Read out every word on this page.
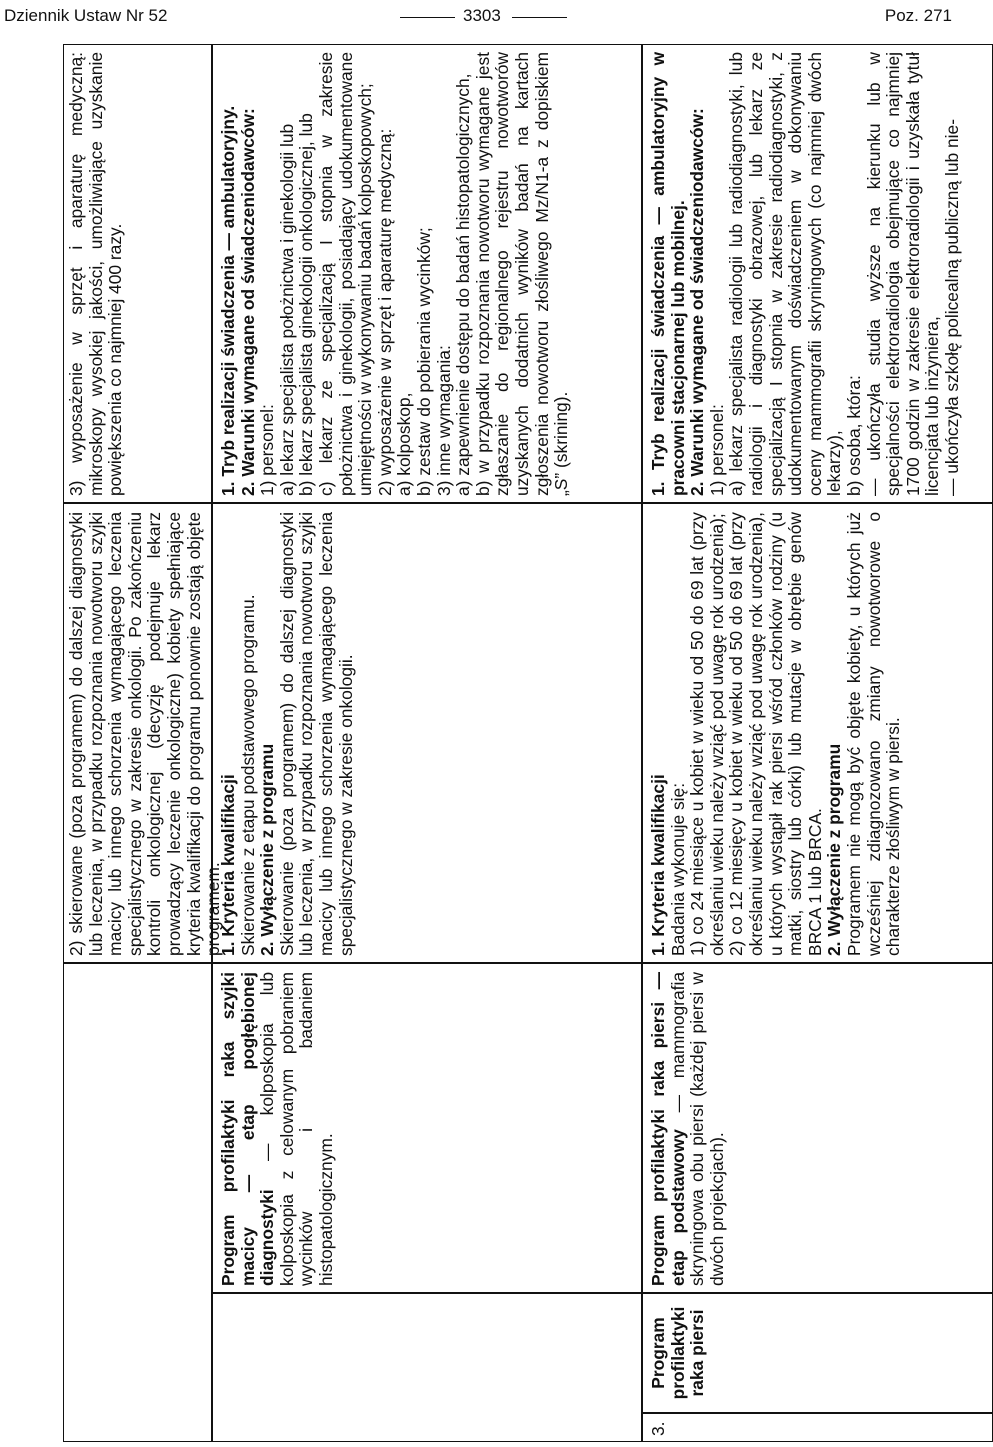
Dziennik Ustaw Nr 52	3303	Poz. 271

2) skierowane (poza programem) do dalszej diagnostyki lub leczenia, w przypadku rozpoznania nowotworu szyjki macicy lub innego schorzenia wymagającego leczenia specjalistycznego w zakresie onkologii. Po zakończeniu kontroli onkologicznej (decyzję podejmuje lekarz prowadzący leczenie onkologiczne) kobiety spełniające kryteria kwalifikacji do programu ponownie zostają objęte programem.

3) wyposażenie w sprzęt i aparaturę medyczną: mikroskopy wysokiej jakości, umożliwiające uzyskanie powiększenia co najmniej 400 razy.

Program profilaktyki raka szyjki macicy — etap pogłębionej diagnostyki — kolposkopia lub kolposkopia z celowanym pobraniem wycinków i badaniem histopatologicznym.

1. Kryteria kwalifikacji Skierowanie z etapu podstawowego programu. 2. Wyłączenie z programu Skierowanie (poza programem) do dalszej diagnostyki lub leczenia, w przypadku rozpoznania nowotworu szyjki macicy lub innego schorzenia wymagającego leczenia specjalistycznego w zakresie onkologii.

1. Tryb realizacji świadczenia — ambulatoryjny. 2. Warunki wymagane od świadczeniodawców: 1) personel: a) lekarz specjalista położnictwa i ginekologii lub b) lekarz specjalista ginekologii onkologicznej, lub c) lekarz ze specjalizacją I stopnia w zakresie położnictwa i ginekologii, posiadający udokumentowane umiejętności w wykonywaniu badań kolposkopowych; 2) wyposażenie w sprzęt i aparaturę medyczną: a) kolposkop, b) zestaw do pobierania wycinków; 3) inne wymagania: a) zapewnienie dostępu do badań histopatologicznych, b) w przypadku rozpoznania nowotworu wymagane jest zgłaszanie do regionalnego rejestru nowotworów uzyskanych dodatnich wyników badań na kartach zgłoszenia nowotworu złośliwego Mz/N1-a z dopiskiem „S” (skrining).

3.

Program profilaktyki raka piersi

Program profilaktyki raka piersi — etap podstawowy — mammografia skryningowa obu piersi (każdej piersi w dwóch projekcjach).

1. Kryteria kwalifikacji Badania wykonuje się: 1) co 24 miesiące u kobiet w wieku od 50 do 69 lat (przy określaniu wieku należy wziąć pod uwagę rok urodzenia); 2) co 12 miesięcy u kobiet w wieku od 50 do 69 lat (przy określaniu wieku należy wziąć pod uwagę rok urodzenia), u których wystąpił rak piersi wśród członków rodziny (u matki, siostry lub córki) lub mutacje w obrębie genów BRCA 1 lub BRCA. 2. Wyłączenie z programu Programem nie mogą być objęte kobiety, u których już wcześniej zdiagnozowano zmiany nowotworowe o charakterze złośliwym w piersi.

1. Tryb realizacji świadczenia — ambulatoryjny w pracowni stacjonarnej lub mobilnej. 2. Warunki wymagane od świadczeniodawców: 1) personel: a) lekarz specjalista radiologii lub radiodiagnostyki, lub radiologii i diagnostyki obrazowej, lub lekarz ze specjalizacją I stopnia w zakresie radiodiagnostyki, z udokumentowanym doświadczeniem w dokonywaniu oceny mammografii skryningowych (co najmniej dwóch lekarzy), b) osoba, która: — ukończyła studia wyższe na kierunku lub w specjalności elektroradiologia obejmujące co najmniej 1700 godzin w zakresie elektroradiologii i uzyskała tytuł licencjata lub inżyniera, — ukończyła szkołę policealną publiczną lub nie-
